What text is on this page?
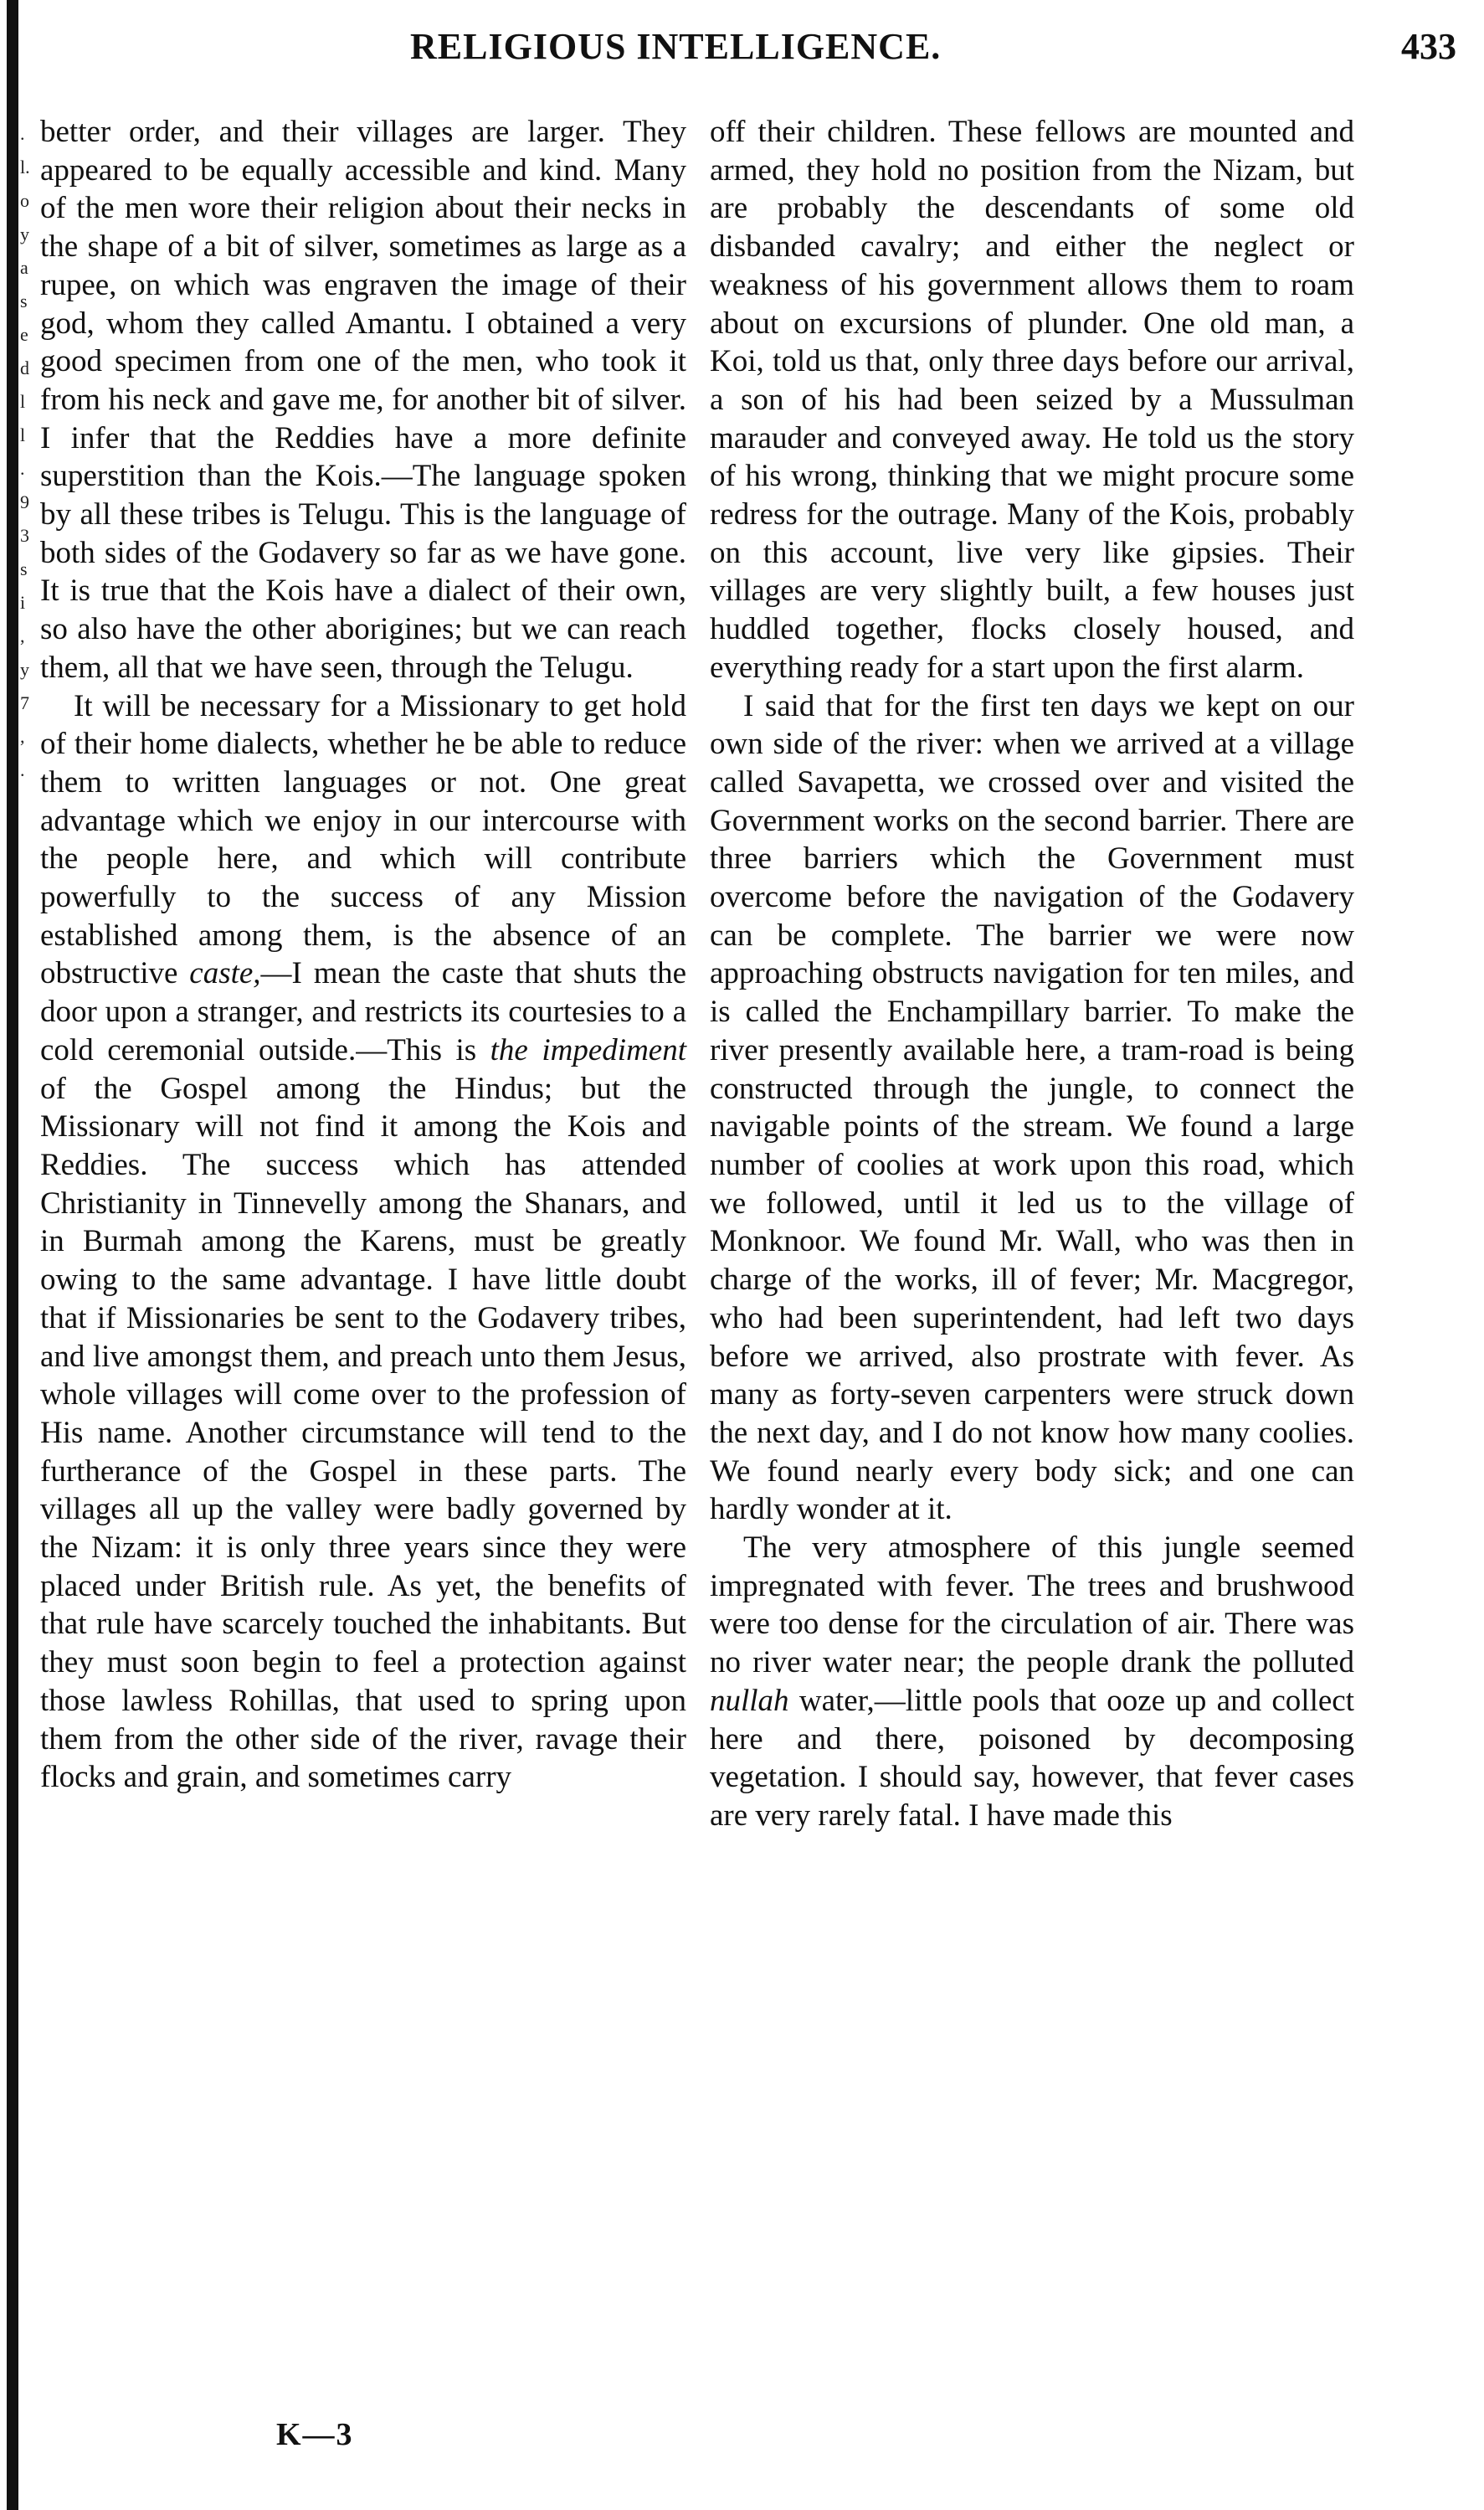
.
l.
o
y
a
s
e
d
l
l
.
9
3
s
i
,
y
7
,
.
RELIGIOUS INTELLIGENCE.	433

better order, and their villages are larger. They appeared to be equally accessible and kind. Many of the men wore their religion about their necks in the shape of a bit of silver, sometimes as large as a rupee, on which was engraven the image of their god, whom they called Amantu. I obtained a very good specimen from one of the men, who took it from his neck and gave me, for another bit of silver. I infer that the Reddies have a more definite superstition than the Kois.—The language spoken by all these tribes is Telugu. This is the language of both sides of the Godavery so far as we have gone. It is true that the Kois have a dialect of their own, so also have the other aborigines; but we can reach them, all that we have seen, through the Telugu.

It will be necessary for a Missionary to get hold of their home dialects, whether he be able to reduce them to written languages or not. One great advantage which we enjoy in our intercourse with the people here, and which will contribute powerfully to the success of any Mission established among them, is the absence of an obstructive caste,—I mean the caste that shuts the door upon a stranger, and restricts its courtesies to a cold ceremonial outside.—This is the impediment of the Gospel among the Hindus; but the Missionary will not find it among the Kois and Reddies. The success which has attended Christianity in Tinnevelly among the Shanars, and in Burmah among the Karens, must be greatly owing to the same advantage. I have little doubt that if Missionaries be sent to the Godavery tribes, and live amongst them, and preach unto them Jesus, whole villages will come over to the profession of His name. Another circumstance will tend to the furtherance of the Gospel in these parts. The villages all up the valley were badly governed by the Nizam: it is only three years since they were placed under British rule. As yet, the benefits of that rule have scarcely touched the inhabitants. But they must soon begin to feel a protection against those lawless Rohillas, that used to spring upon them from the other side of the river, ravage their flocks and grain, and sometimes carry

off their children. These fellows are mounted and armed, they hold no position from the Nizam, but are probably the descendants of some old disbanded cavalry; and either the neglect or weakness of his government allows them to roam about on excursions of plunder. One old man, a Koi, told us that, only three days before our arrival, a son of his had been seized by a Mussulman marauder and conveyed away. He told us the story of his wrong, thinking that we might procure some redress for the outrage. Many of the Kois, probably on this account, live very like gipsies. Their villages are very slightly built, a few houses just huddled together, flocks closely housed, and everything ready for a start upon the first alarm.

I said that for the first ten days we kept on our own side of the river: when we arrived at a village called Savapetta, we crossed over and visited the Government works on the second barrier. There are three barriers which the Government must overcome before the navigation of the Godavery can be complete. The barrier we were now approaching obstructs navigation for ten miles, and is called the Enchampillary barrier. To make the river presently available here, a tram-road is being constructed through the jungle, to connect the navigable points of the stream. We found a large number of coolies at work upon this road, which we followed, until it led us to the village of Monknoor. We found Mr. Wall, who was then in charge of the works, ill of fever; Mr. Macgregor, who had been superintendent, had left two days before we arrived, also prostrate with fever. As many as forty-seven carpenters were struck down the next day, and I do not know how many coolies. We found nearly every body sick; and one can hardly wonder at it.

The very atmosphere of this jungle seemed impregnated with fever. The trees and brushwood were too dense for the circulation of air. There was no river water near; the people drank the polluted nullah water,—little pools that ooze up and collect here and there, poisoned by decomposing vegetation. I should say, however, that fever cases are very rarely fatal. I have made this

K—3
